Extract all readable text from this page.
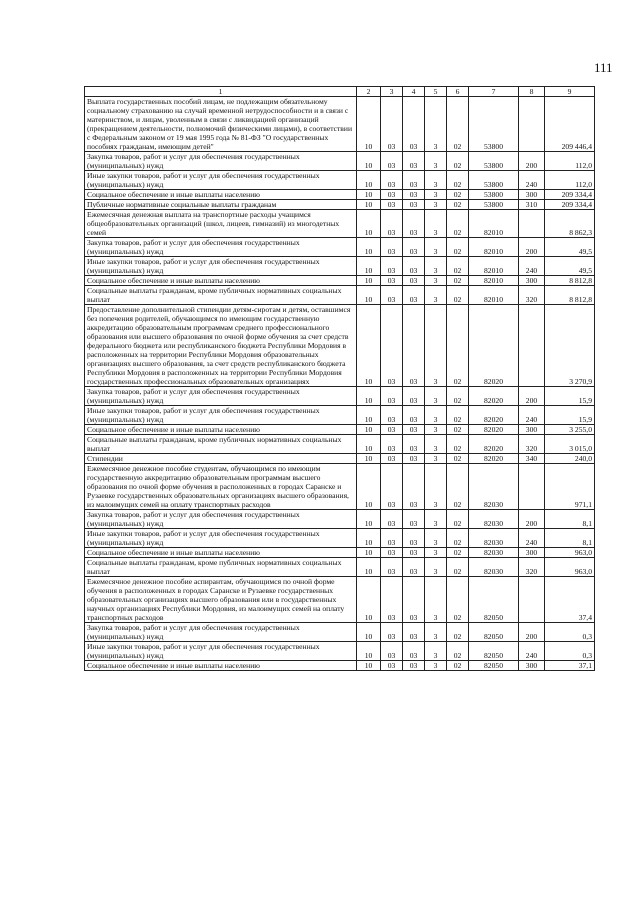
111
1	2	3	4	5	6	7	8	9
Выплата государственных пособий лицам, не подлежащим обязательному социальному страхованию на случай временной нетрудоспособности и в связи с материнством, и лицам, уволенным в связи с ликвидацией организаций (прекращением деятельности, полномочий физическими лицами), в соответствии с Федеральным законом от 19 мая 1995 года № 81-ФЗ "О государственных пособиях гражданам, имеющим детей"	10	03	03	3	02	53800		209 446,4
Закупка товаров, работ и услуг для обеспечения государственных (муниципальных) нужд	10	03	03	3	02	53800	200	112,0
Иные закупки товаров, работ и услуг для обеспечения государственных (муниципальных) нужд	10	03	03	3	02	53800	240	112,0
Социальное обеспечение и иные выплаты населению	10	03	03	3	02	53800	300	209 334,4
Публичные нормативные социальные выплаты гражданам	10	03	03	3	02	53800	310	209 334,4
Ежемесячная денежная выплата на транспортные расходы учащимся общеобразовательных организаций (школ, лицеев, гимназий) из многодетных семей	10	03	03	3	02	82010		8 862,3
Закупка товаров, работ и услуг для обеспечения государственных (муниципальных) нужд	10	03	03	3	02	82010	200	49,5
Иные закупки товаров, работ и услуг для обеспечения государственных (муниципальных) нужд	10	03	03	3	02	82010	240	49,5
Социальное обеспечение и иные выплаты населению	10	03	03	3	02	82010	300	8 812,8
Социальные выплаты гражданам, кроме публичных нормативных социальных выплат	10	03	03	3	02	82010	320	8 812,8
Предоставление дополнительной стипендии детям-сиротам и детям, оставшимся без попечения родителей, обучающимся по имеющим государственную аккредитацию образовательным программам среднего профессионального образования или высшего образования по очной форме обучения за счет средств федерального бюджета или республиканского бюджета Республики Мордовия в расположенных на территории Республики Мордовия образовательных организациях высшего образования, за счет средств республиканского бюджета Республики Мордовия в расположенных на территории Республики Мордовия государственных профессиональных образовательных организациях	10	03	03	3	02	82020		3 270,9
Закупка товаров, работ и услуг для обеспечения государственных (муниципальных) нужд	10	03	03	3	02	82020	200	15,9
Иные закупки товаров, работ и услуг для обеспечения государственных (муниципальных) нужд	10	03	03	3	02	82020	240	15,9
Социальное обеспечение и иные выплаты населению	10	03	03	3	02	82020	300	3 255,0
Социальные выплаты гражданам, кроме публичных нормативных социальных выплат	10	03	03	3	02	82020	320	3 015,0
Стипендии	10	03	03	3	02	82020	340	240,0
Ежемесячное денежное пособие студентам, обучающимся по имеющим государственную аккредитацию образовательным программам высшего образования по очной форме обучения в расположенных в городах Саранске и Рузаевке государственных образовательных организациях высшего образования, из малоимущих семей на оплату транспортных расходов	10	03	03	3	02	82030		971,1
Закупка товаров, работ и услуг для обеспечения государственных (муниципальных) нужд	10	03	03	3	02	82030	200	8,1
Иные закупки товаров, работ и услуг для обеспечения государственных (муниципальных) нужд	10	03	03	3	02	82030	240	8,1
Социальное обеспечение и иные выплаты населению	10	03	03	3	02	82030	300	963,0
Социальные выплаты гражданам, кроме публичных нормативных социальных выплат	10	03	03	3	02	82030	320	963,0
Ежемесячное денежное пособие аспирантам, обучающимся по очной форме обучения в расположенных в городах Саранске и Рузаевке государственных образовательных организациях высшего образования или в государственных научных организациях Республики Мордовия, из малоимущих семей на оплату транспортных расходов	10	03	03	3	02	82050		37,4
Закупка товаров, работ и услуг для обеспечения государственных (муниципальных) нужд	10	03	03	3	02	82050	200	0,3
Иные закупки товаров, работ и услуг для обеспечения государственных (муниципальных) нужд	10	03	03	3	02	82050	240	0,3
Социальное обеспечение и иные выплаты населению	10	03	03	3	02	82050	300	37,1
